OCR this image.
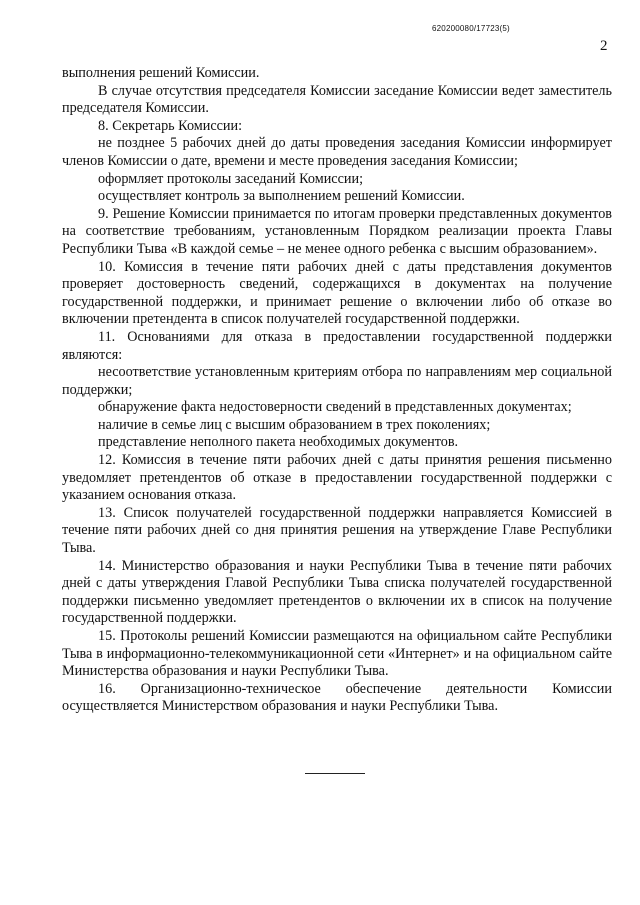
620200080/17723(5)
2

выполнения решений Комиссии.

В случае отсутствия председателя Комиссии заседание Комиссии ведет заместитель председателя Комиссии.

8. Секретарь Комиссии:

не позднее 5 рабочих дней до даты проведения заседания Комиссии информирует членов Комиссии о дате, времени и месте проведения заседания Комиссии;

оформляет протоколы заседаний Комиссии;

осуществляет контроль за выполнением решений Комиссии.

9. Решение Комиссии принимается по итогам проверки представленных документов на соответствие требованиям, установленным Порядком реализации проекта Главы Республики Тыва «В каждой семье – не менее одного ребенка с высшим образованием».

10. Комиссия в течение пяти рабочих дней с даты представления документов проверяет достоверность сведений, содержащихся в документах на получение государственной поддержки, и принимает решение о включении либо об отказе во включении претендента в список получателей государственной поддержки.

11. Основаниями для отказа в предоставлении государственной поддержки являются:

несоответствие установленным критериям отбора по направлениям мер социальной поддержки;

обнаружение факта недостоверности сведений в представленных документах;

наличие в семье лиц с высшим образованием в трех поколениях;

представление неполного пакета необходимых документов.

12. Комиссия в течение пяти рабочих дней с даты принятия решения письменно уведомляет претендентов об отказе в предоставлении государственной поддержки с указанием основания отказа.

13. Список получателей государственной поддержки направляется Комиссией в течение пяти рабочих дней со дня принятия решения на утверждение Главе Республики Тыва.

14. Министерство образования и науки Республики Тыва в течение пяти рабочих дней с даты утверждения Главой Республики Тыва списка получателей государственной поддержки письменно уведомляет претендентов о включении их в список на получение государственной поддержки.

15. Протоколы решений Комиссии размещаются на официальном сайте Республики Тыва в информационно-телекоммуникационной сети «Интернет» и на официальном сайте Министерства образования и науки Республики Тыва.

16. Организационно-техническое обеспечение деятельности Комиссии осуществляется Министерством образования и науки Республики Тыва.
